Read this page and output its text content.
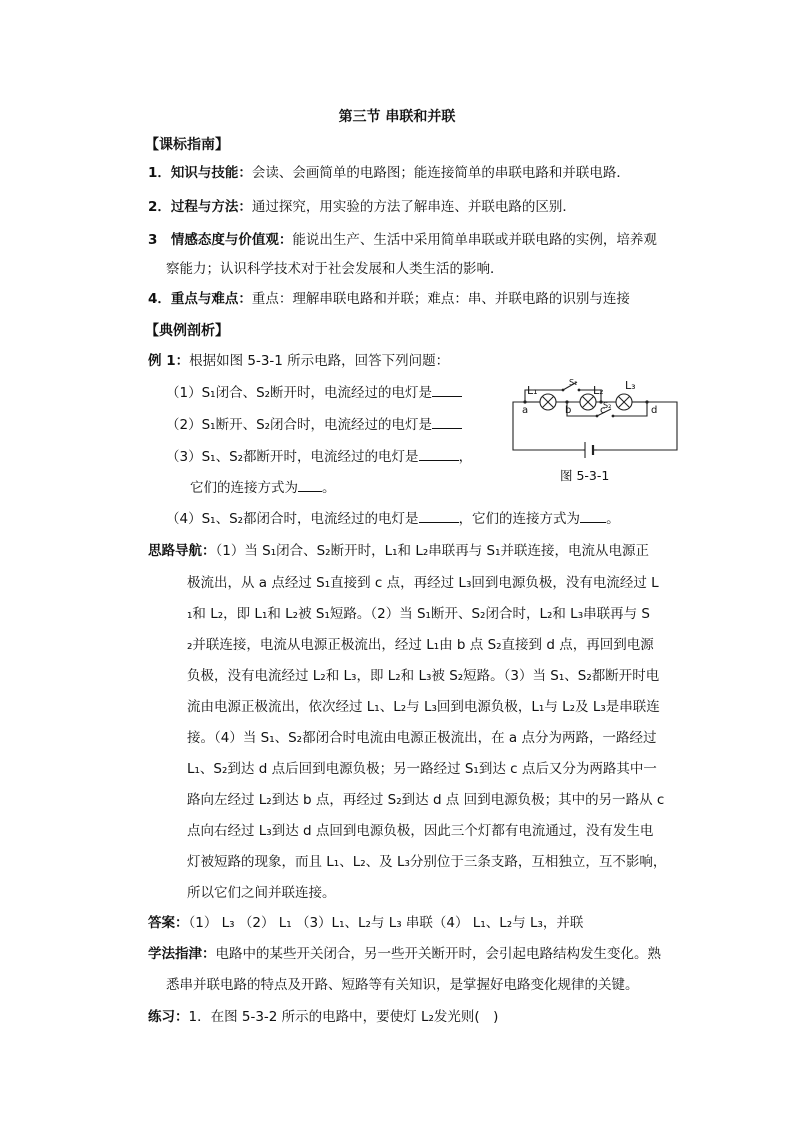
第三节 串联和并联
【课标指南】
1．知识与技能：会读、会画简单的电路图；能连接简单的串联电路和并联电路．
2．过程与方法：通过探究，用实验的方法了解串连、并联电路的区别．
3　情感态度与价值观：能说出生产、生活中采用简单串联或并联电路的实例，培养观
察能力；认识科学技术对于社会发展和人类生活的影响．
4．重点与难点：重点：理解串联电路和并联；难点：串、并联电路的识别与连接
【典例剖析】
例 1：根据如图 5-3-1 所示电路，回答下列问题：
（1）S₁闭合、S₂断开时，电流经过的电灯是
（2）S₁断开、S₂闭合时，电流经过的电灯是
（3）S₁、S₂都断开时，电流经过的电灯是	，
它们的连接方式为 。
（4）S₁、S₂都闭合时，电流经过的电灯是	，它们的连接方式为 。
L₁	L₂ L₃
S₁
S₂
a	b	c	d
图 5-3-1
思路导航：（1）当 S₁闭合、S₂断开时，L₁和 L₂串联再与 S₁并联连接，电流从电源正
极流出，从 a 点经过 S₁直接到 c 点，再经过 L₃回到电源负极，没有电流经过 L
₁和 L₂，即 L₁和 L₂被 S₁短路。（2）当 S₁断开、S₂闭合时，L₂和 L₃串联再与 S
₂并联连接，电流从电源正极流出，经过 L₁由 b 点 S₂直接到 d 点，再回到电源
负极，没有电流经过 L₂和 L₃，即 L₂和 L₃被 S₂短路。（3）当 S₁、S₂都断开时电
流由电源正极流出，依次经过 L₁、L₂与 L₃回到电源负极，L₁与 L₂及 L₃是串联连
接。（4）当 S₁、S₂都闭合时电流由电源正极流出，在 a 点分为两路，一路经过
L₁、S₂到达 d 点后回到电源负极；另一路经过 S₁到达 c 点后又分为两路其中一
路向左经过 L₂到达 b 点，再经过 S₂到达 d 点 回到电源负极；其中的另一路从 c
点向右经过 L₃到达 d 点回到电源负极，因此三个灯都有电流通过，没有发生电
灯被短路的现象，而且 L₁、L₂、及 L₃分别位于三条支路，互相独立，互不影响，
所以它们之间并联连接。
答案：（1） L₃ （2） L₁ （3）L₁、L₂与 L₃ 串联（4） L₁、L₂与 L₃，并联
学法指津：电路中的某些开关闭合，另一些开关断开时，会引起电路结构发生变化。熟
悉串并联电路的特点及开路、短路等有关知识，是掌握好电路变化规律的关键。
练习：1．在图 5-3-2 所示的电路中，要使灯 L₂发光则(　)
